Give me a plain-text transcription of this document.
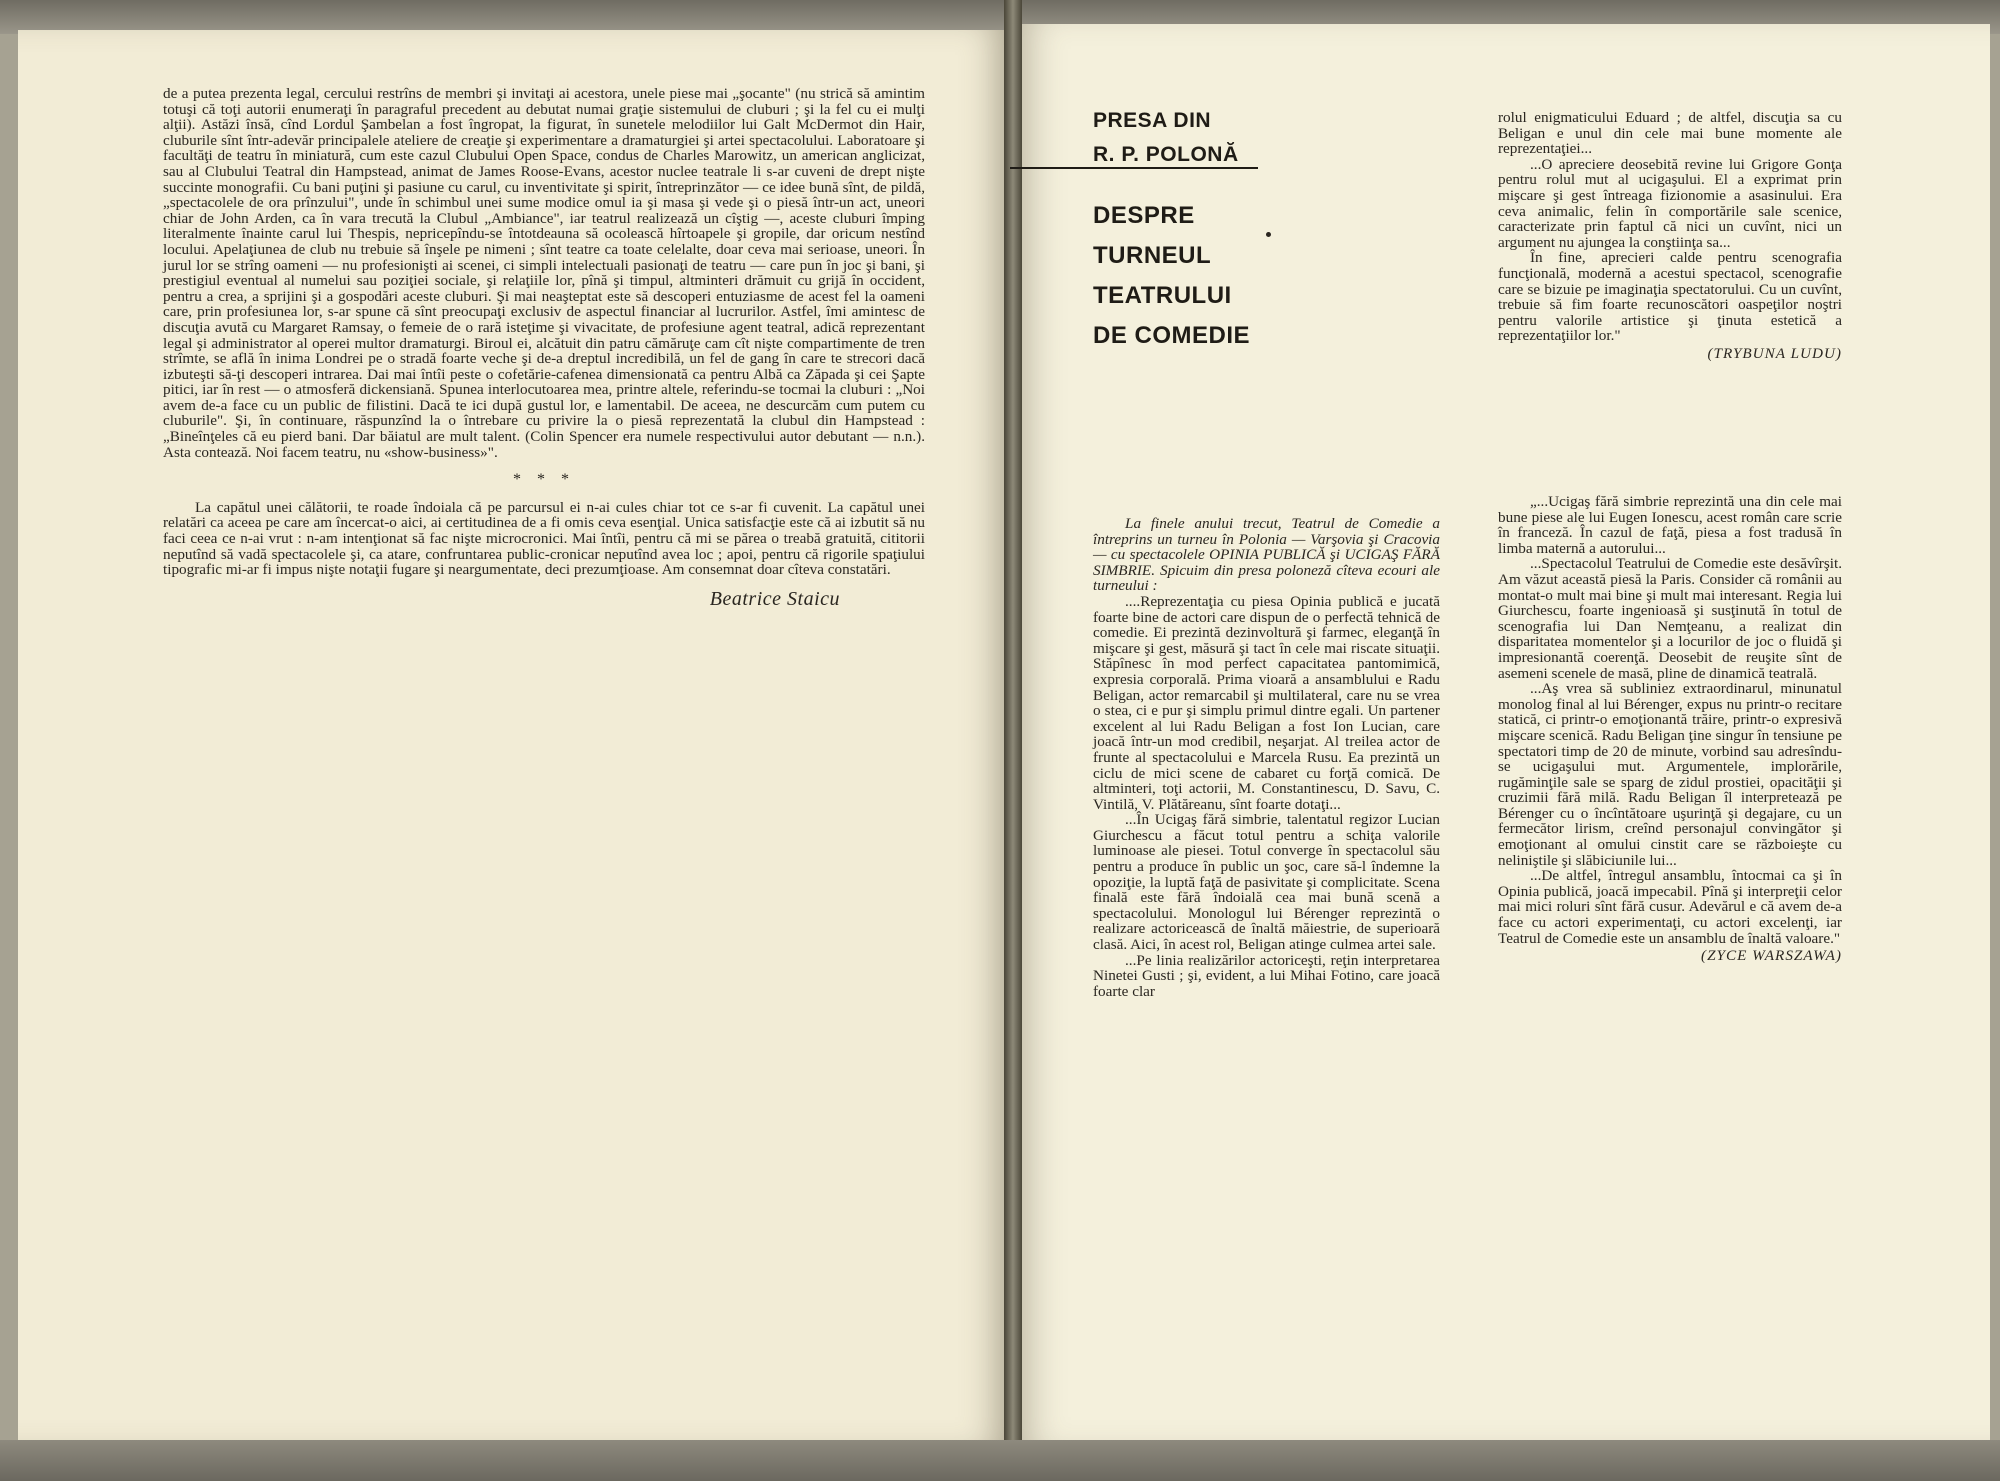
de a putea prezenta legal, cercului restrîns de membri şi invitaţi ai acestora, unele piese mai „şocante" (nu strică să amintim totuşi că toţi autorii enumeraţi în paragraful precedent au debutat numai graţie sistemului de cluburi ; şi la fel cu ei mulţi alţii). Astăzi însă, cînd Lordul Şambelan a fost îngropat, la figurat, în sunetele melodiilor lui Galt McDermot din Hair, cluburile sînt într-adevăr principalele ateliere de creaţie şi experimentare a dramaturgiei şi artei spectacolului. Laboratoare şi facultăţi de teatru în miniatură, cum este cazul Clubului Open Space, condus de Charles Marowitz, un american anglicizat, sau al Clubului Teatral din Hampstead, animat de James Roose-Evans, acestor nuclee teatrale li s-ar cuveni de drept nişte succinte monografii. Cu bani puţini şi pasiune cu carul, cu inventivitate şi spirit, întreprinzător — ce idee bună sînt, de pildă, „spectacolele de ora prînzului", unde în schimbul unei sume modice omul ia şi masa şi vede şi o piesă într-un act, uneori chiar de John Arden, ca în vara trecută la Clubul „Ambiance", iar teatrul realizează un cîştig —, aceste cluburi împing literalmente înainte carul lui Thespis, nepricepîndu-se întotdeauna să ocolească hîrtoapele şi gropile, dar oricum nestînd locului. Apelaţiunea de club nu trebuie să înşele pe nimeni ; sînt teatre ca toate celelalte, doar ceva mai serioase, uneori. În jurul lor se strîng oameni — nu profesionişti ai scenei, ci simpli intelectuali pasionaţi de teatru — care pun în joc şi bani, şi prestigiul eventual al numelui sau poziţiei sociale, şi relaţiile lor, pînă şi timpul, altminteri drămuit cu grijă în occident, pentru a crea, a sprijini şi a gospodări aceste cluburi. Şi mai neaşteptat este să descoperi entuziasme de acest fel la oameni care, prin profesiunea lor, s-ar spune că sînt preocupaţi exclusiv de aspectul financiar al lucrurilor. Astfel, îmi amintesc de discuţia avută cu Margaret Ramsay, o femeie de o rară isteţime şi vivacitate, de profesiune agent teatral, adică reprezentant legal şi administrator al operei multor dramaturgi. Biroul ei, alcătuit din patru cămăruţe cam cît nişte compartimente de tren strîmte, se află în inima Londrei pe o stradă foarte veche şi de-a dreptul incredibilă, un fel de gang în care te strecori dacă izbuteşti să-ţi descoperi intrarea. Dai mai întîi peste o cofetărie-cafenea dimensionată ca pentru Albă ca Zăpada şi cei Şapte pitici, iar în rest — o atmosferă dickensiană. Spunea interlocutoarea mea, printre altele, referindu-se tocmai la cluburi : „Noi avem de-a face cu un public de filistini. Dacă te ici după gustul lor, e lamentabil. De aceea, ne descurcăm cum putem cu cluburile". Şi, în continuare, răspunzînd la o întrebare cu privire la o piesă reprezentată la clubul din Hampstead : „Bineînţeles că eu pierd bani. Dar băiatul are mult talent. (Colin Spencer era numele respectivului autor debutant — n.n.). Asta contează. Noi facem teatru, nu «show-business»".

* * *

La capătul unei călătorii, te roade îndoiala că pe parcursul ei n-ai cules chiar tot ce s-ar fi cuvenit. La capătul unei relatări ca aceea pe care am încercat-o aici, ai certitudinea de a fi omis ceva esenţial. Unica satisfacţie este că ai izbutit să nu faci ceea ce n-ai vrut : n-am intenţionat să fac nişte microcronici. Mai întîi, pentru că mi se părea o treabă gratuită, cititorii neputînd să vadă spectacolele şi, ca atare, confruntarea public-cronicar neputînd avea loc ; apoi, pentru că rigorile spaţiului tipografic mi-ar fi impus nişte notaţii fugare şi neargumentate, deci prezumţioase. Am consemnat doar cîteva constatări.

Beatrice Staicu
PRESA DIN
R. P. POLONĂ
DESPRE
TURNEUL
TEATRULUI
DE COMEDIE

La finele anului trecut, Teatrul de Comedie a întreprins un turneu în Polonia — Varşovia şi Cracovia — cu spectacolele OPINIA PUBLICĂ şi UCIGAŞ FĂRĂ SIMBRIE. Spicuim din presa poloneză cîteva ecouri ale turneului :

....Reprezentaţia cu piesa Opinia publică e jucată foarte bine de actori care dispun de o perfectă tehnică de comedie. Ei prezintă dezinvoltură şi farmec, eleganţă în mişcare şi gest, măsură şi tact în cele mai riscate situaţii. Stăpînesc în mod perfect capacitatea pantomimică, expresia corporală. Prima vioară a ansamblului e Radu Beligan, actor remarcabil şi multilateral, care nu se vrea o stea, ci e pur şi simplu primul dintre egali. Un partener excelent al lui Radu Beligan a fost Ion Lucian, care joacă într-un mod credibil, neşarjat. Al treilea actor de frunte al spectacolului e Marcela Rusu. Ea prezintă un ciclu de mici scene de cabaret cu forţă comică. De altminteri, toţi actorii, M. Constantinescu, D. Savu, C. Vintilă, V. Plătăreanu, sînt foarte dotaţi...

...În Ucigaş fără simbrie, talentatul regizor Lucian Giurchescu a făcut totul pentru a schiţa valorile luminoase ale piesei. Totul converge în spectacolul său pentru a produce în public un şoc, care să-l îndemne la opoziţie, la luptă faţă de pasivitate şi complicitate. Scena finală este fără îndoială cea mai bună scenă a spectacolului. Monologul lui Bérenger reprezintă o realizare actoricească de înaltă măiestrie, de superioară clasă. Aici, în acest rol, Beligan atinge culmea artei sale.

...Pe linia realizărilor actoriceşti, reţin interpretarea Ninetei Gusti ; şi, evident, a lui Mihai Fotino, care joacă foarte clar

rolul enigmaticului Eduard ; de altfel, discuţia sa cu Beligan e unul din cele mai bune momente ale reprezentaţiei...

...O apreciere deosebită revine lui Grigore Gonţa pentru rolul mut al ucigaşului. El a exprimat prin mişcare şi gest întreaga fizionomie a asasinului. Era ceva animalic, felin în comportările sale scenice, caracterizate prin faptul că nici un cuvînt, nici un argument nu ajungea la conştiinţa sa...

În fine, aprecieri calde pentru scenografia funcţională, modernă a acestui spectacol, scenografie care se bizuie pe imaginaţia spectatorului. Cu un cuvînt, trebuie să fim foarte recunoscători oaspeţilor noştri pentru valorile artistice şi ţinuta estetică a reprezentaţiilor lor."

(TRYBUNA LUDU)

„...Ucigaş fără simbrie reprezintă una din cele mai bune piese ale lui Eugen Ionescu, acest român care scrie în franceză. În cazul de faţă, piesa a fost tradusă în limba maternă a autorului...

...Spectacolul Teatrului de Comedie este desăvîrşit. Am văzut această piesă la Paris. Consider că românii au montat-o mult mai bine şi mult mai interesant. Regia lui Giurchescu, foarte ingenioasă şi susţinută în totul de scenografia lui Dan Nemţeanu, a realizat din disparitatea momentelor şi a locurilor de joc o fluidă şi impresionantă coerenţă. Deosebit de reuşite sînt de asemeni scenele de masă, pline de dinamică teatrală.

...Aş vrea să subliniez extraordinarul, minunatul monolog final al lui Bérenger, expus nu printr-o recitare statică, ci printr-o emoţionantă trăire, printr-o expresivă mişcare scenică. Radu Beligan ţine singur în tensiune pe spectatori timp de 20 de minute, vorbind sau adresîndu-se ucigaşului mut. Argumentele, implorările, rugăminţile sale se sparg de zidul prostiei, opacităţii şi cruzimii fără milă. Radu Beligan îl interpretează pe Bérenger cu o încîntătoare uşurinţă şi degajare, cu un fermecător lirism, creînd personajul convingător şi emoţionant al omului cinstit care se războieşte cu neliniştile şi slăbiciunile lui...

...De altfel, întregul ansamblu, întocmai ca şi în Opinia publică, joacă impecabil. Pînă şi interpreţii celor mai mici roluri sînt fără cusur. Adevărul e că avem de-a face cu actori experimentaţi, cu actori excelenţi, iar Teatrul de Comedie este un ansamblu de înaltă valoare."

(ZYCE WARSZAWA)
